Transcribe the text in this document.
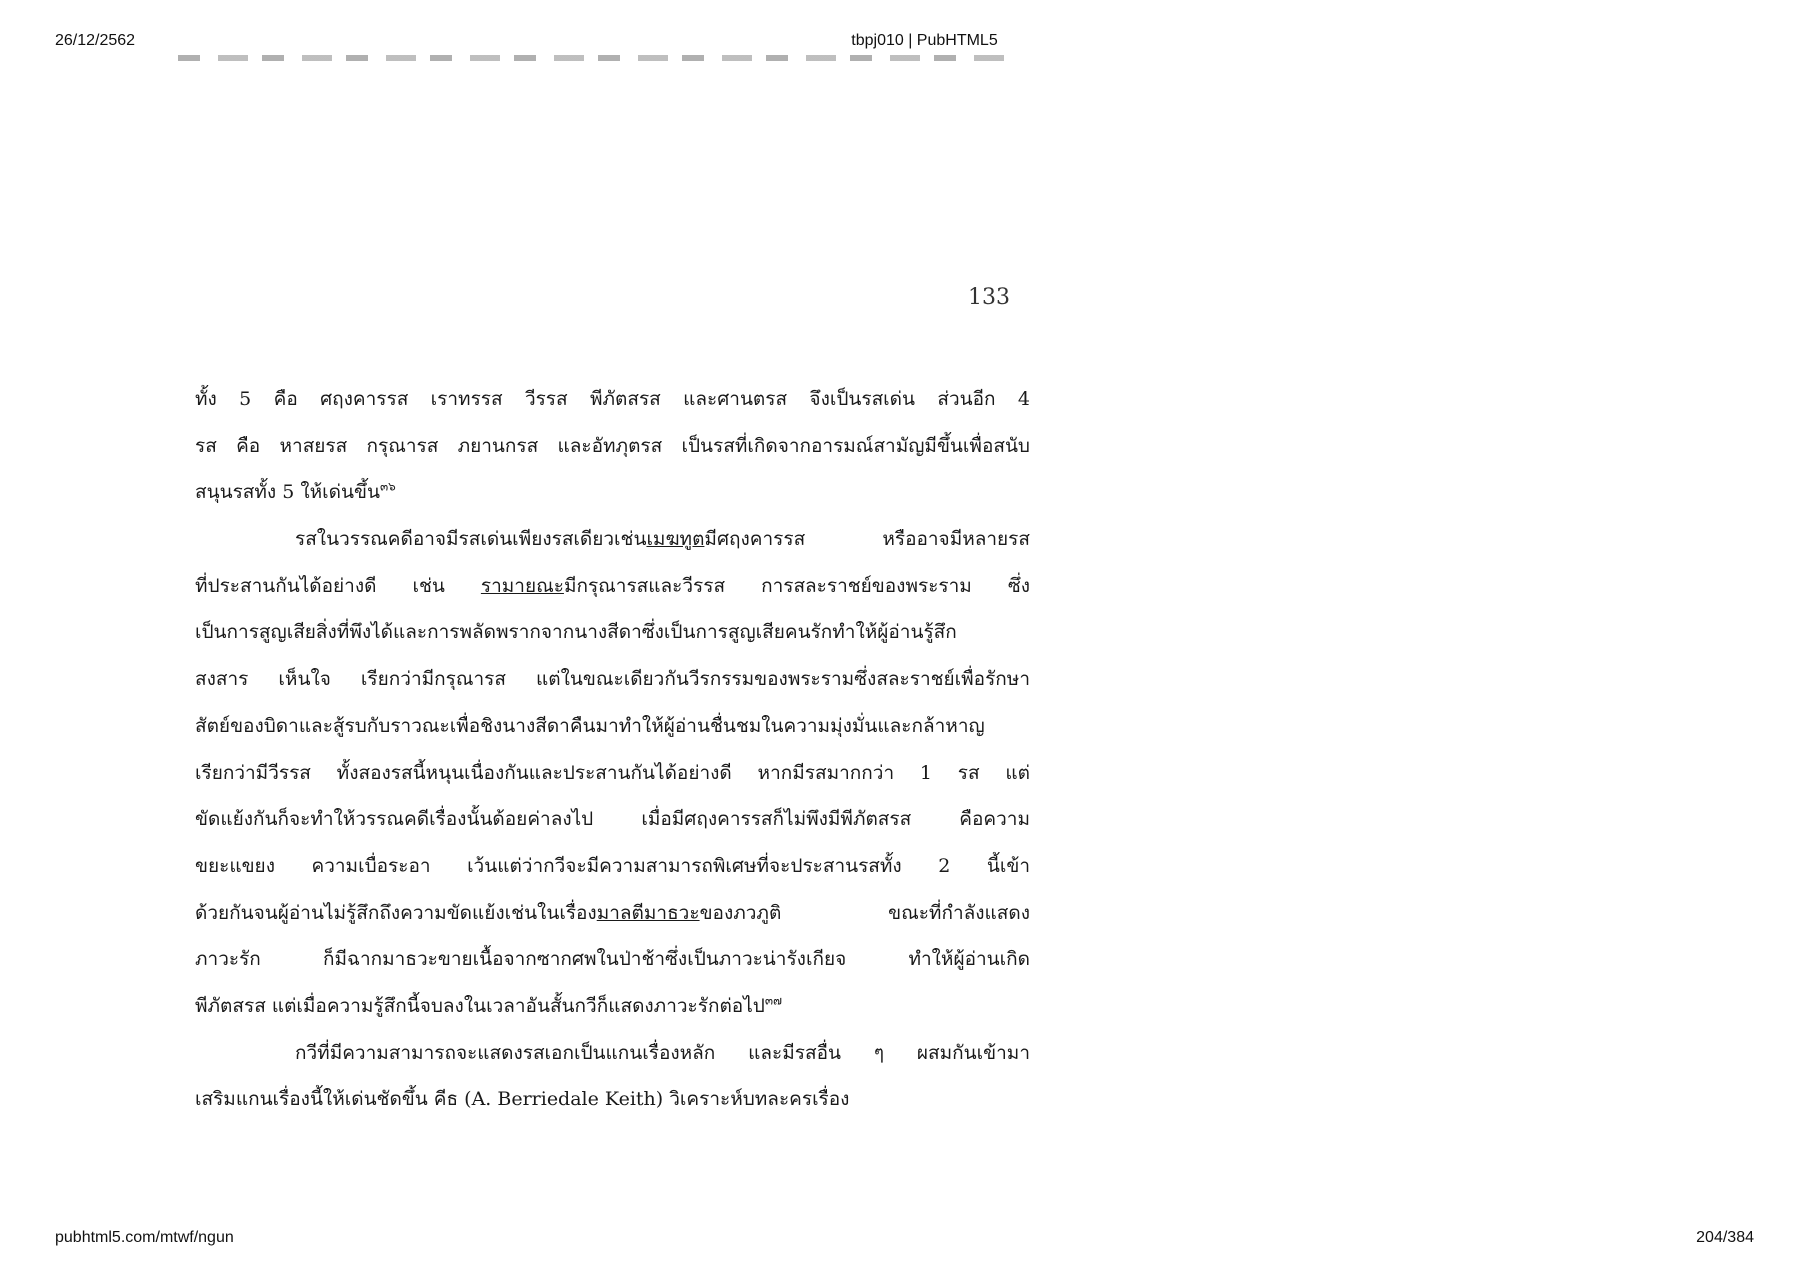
26/12/2562	tbpj010 | PubHTML5
133
ทั้ง 5 คือ ศฤงคารรส เราทรรส วีรรส พีภัตสรส และศานตรส จึงเป็นรสเด่น ส่วนอีก 4
รส คือ หาสยรส กรุณารส ภยานกรส และอัทภุตรส เป็นรสที่เกิดจากอารมณ์สามัญมีขึ้นเพื่อสนับ
สนุนรสทั้ง 5 ให้เด่นขึ้น$^{๓๖}$
รสในวรรณคดีอาจมีรสเด่นเพียงรสเดียวเช่นเมฆทูตมีศฤงคารรส หรืออาจมีหลายรส
ที่ประสานกันได้อย่างดี เช่น รามายณะมีกรุณารสและวีรรส การสละราชย์ของพระราม ซึ่ง
เป็นการสูญเสียสิ่งที่พึงได้และการพลัดพรากจากนางสีดาซึ่งเป็นการสูญเสียคนรักทำให้ผู้อ่านรู้สึก
สงสาร เห็นใจ เรียกว่ามีกรุณารส แต่ในขณะเดียวกันวีรกรรมของพระรามซึ่งสละราชย์เพื่อรักษา
สัตย์ของบิดาและสู้รบกับราวณะเพื่อชิงนางสีดาคืนมาทำให้ผู้อ่านชื่นชมในความมุ่งมั่นและกล้าหาญ
เรียกว่ามีวีรรส ทั้งสองรสนี้หนุนเนื่องกันและประสานกันได้อย่างดี หากมีรสมากกว่า 1 รส แต่
ขัดแย้งกันก็จะทำให้วรรณคดีเรื่องนั้นด้อยค่าลงไป เมื่อมีศฤงคารรสก็ไม่พึงมีพีภัตสรส คือความ
ขยะแขยง ความเบื่อระอา เว้นแต่ว่ากวีจะมีความสามารถพิเศษที่จะประสานรสทั้ง 2 นี้เข้า
ด้วยกันจนผู้อ่านไม่รู้สึกถึงความขัดแย้งเช่นในเรื่องมาลตีมาธวะของภวภูติ ขณะที่กำลังแสดง
ภาวะรัก ก็มีฉากมาธวะขายเนื้อจากซากศพในป่าช้าซึ่งเป็นภาวะน่ารังเกียจ ทำให้ผู้อ่านเกิด
พีภัตสรส แต่เมื่อความรู้สึกนี้จบลงในเวลาอันสั้นกวีก็แสดงภาวะรักต่อไป$^{๓๗}$
กวีที่มีความสามารถจะแสดงรสเอกเป็นแกนเรื่องหลัก และมีรสอื่น ๆ ผสมกันเข้ามา
เสริมแกนเรื่องนี้ให้เด่นชัดขึ้น คีธ (A. Berriedale Keith) วิเคราะห์บทละครเรื่อง
pubhtml5.com/mtwf/ngun	204/384
